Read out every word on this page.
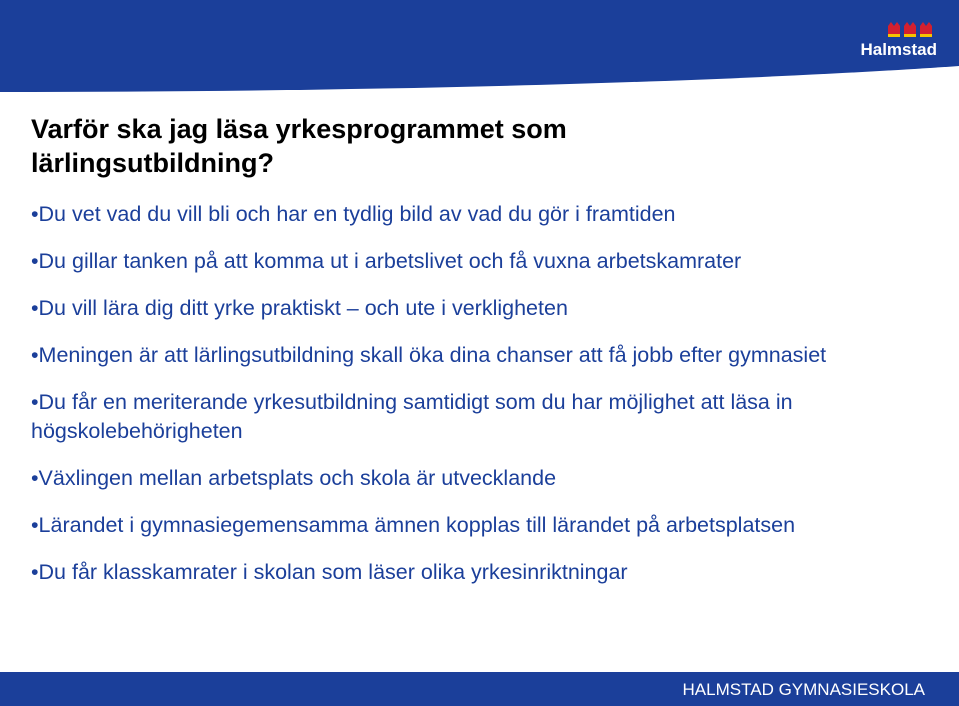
Halmstad
Varför ska jag läsa yrkesprogrammet som lärlingsutbildning?
•Du vet vad du vill bli och har en tydlig bild av vad du gör i framtiden
•Du gillar tanken på att komma ut i arbetslivet och få vuxna arbetskamrater
•Du vill lära dig ditt yrke praktiskt – och ute i verkligheten
•Meningen är att lärlingsutbildning skall öka dina chanser att få jobb efter gymnasiet
•Du får en meriterande yrkesutbildning samtidigt som du har möjlighet att läsa in högskolebehörigheten
•Växlingen mellan arbetsplats och skola är utvecklande
•Lärandet i gymnasiegemensamma ämnen kopplas till lärandet på arbetsplatsen
•Du får klasskamrater i skolan som läser olika yrkesinriktningar
HALMSTAD GYMNASIESKOLA
